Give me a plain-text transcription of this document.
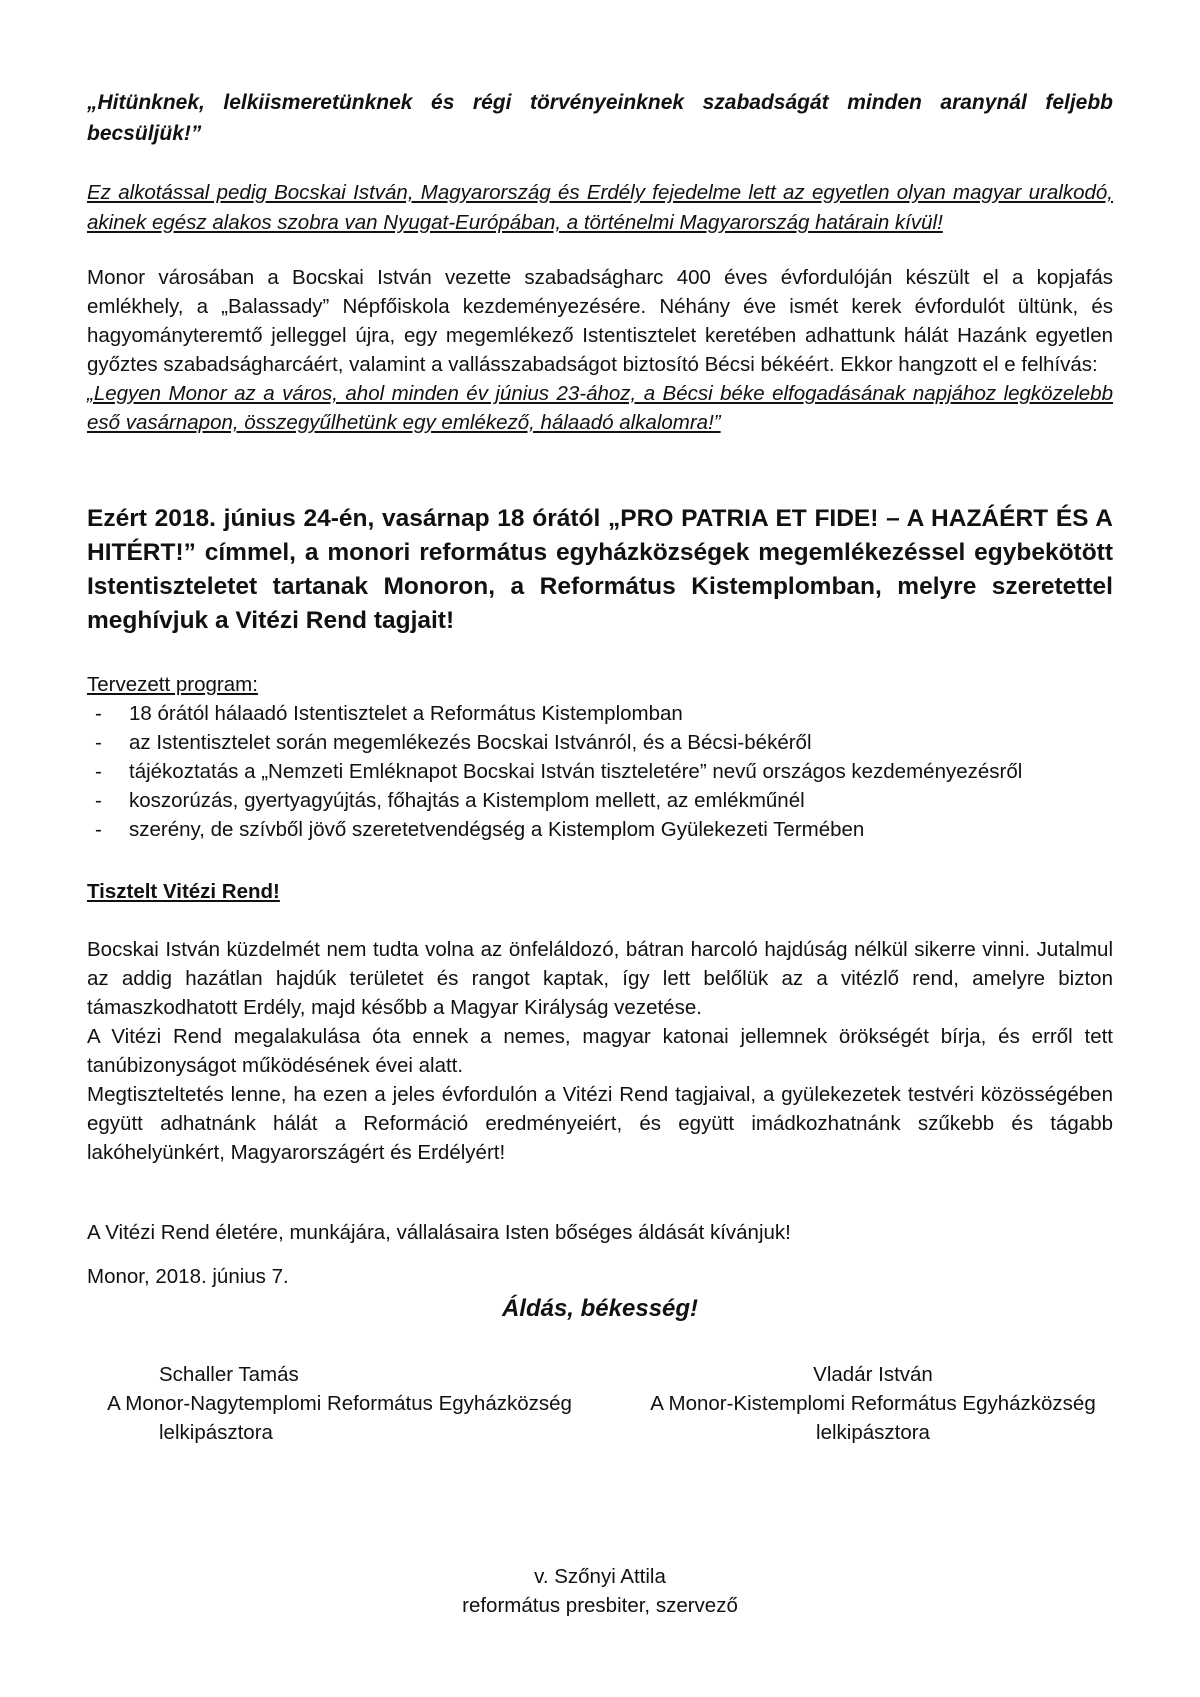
„Hitünknek, lelkiismeretünknek és régi törvényeinknek szabadságát minden aranynál feljebb becsüljük!”

Ez alkotással pedig Bocskai István, Magyarország és Erdély fejedelme lett az egyetlen olyan magyar uralkodó, akinek egész alakos szobra van Nyugat-Európában, a történelmi Magyarország határain kívül!

Monor városában a Bocskai István vezette szabadságharc 400 éves évfordulóján készült el a kopjafás emlékhely, a „Balassady” Népfőiskola kezdeményezésére. Néhány éve ismét kerek évfordulót ültünk, és hagyományteremtő jelleggel újra, egy megemlékező Istentisztelet keretében adhattunk hálát Hazánk egyetlen győztes szabadságharcáért, valamint a vallásszabadságot biztosító Bécsi békéért. Ekkor hangzott el e felhívás:

„Legyen Monor az a város, ahol minden év június 23-ához, a Bécsi béke elfogadásának napjához legközelebb eső vasárnapon, összegyűlhetünk egy emlékező, hálaadó alkalomra!”

Ezért 2018. június 24-én, vasárnap 18 órától „PRO PATRIA ET FIDE! – A HAZÁÉRT ÉS A HITÉRT!” címmel, a monori református egyházközségek megemlékezéssel egybekötött Istentiszteletet tartanak Monoron, a Református Kistemplomban, melyre szeretettel meghívjuk a Vitézi Rend tagjait!

Tervezett program:

- 18 órától hálaadó Istentisztelet a Református Kistemplomban
- az Istentisztelet során megemlékezés Bocskai Istvánról, és a Bécsi-békéről
- tájékoztatás a „Nemzeti Emléknapot Bocskai István tiszteletére” nevű országos kezdeményezésről
- koszorúzás, gyertyagyújtás, főhajtás a Kistemplom mellett, az emlékműnél
- szerény, de szívből jövő szeretetvendégség a Kistemplom Gyülekezeti Termében

Tisztelt Vitézi Rend!

Bocskai István küzdelmét nem tudta volna az önfeláldozó, bátran harcoló hajdúság nélkül sikerre vinni. Jutalmul az addig hazátlan hajdúk területet és rangot kaptak, így lett belőlük az a vitézlő rend, amelyre bizton támaszkodhatott Erdély, majd később a Magyar Királyság vezetése.

A Vitézi Rend megalakulása óta ennek a nemes, magyar katonai jellemnek örökségét bírja, és erről tett tanúbizonyságot működésének évei alatt.

Megtiszteltetés lenne, ha ezen a jeles évfordulón a Vitézi Rend tagjaival, a gyülekezetek testvéri közösségében együtt adhatnánk hálát a Reformáció eredményeiért, és együtt imádkozhatnánk szűkebb és tágabb lakóhelyünkért, Magyarországért és Erdélyért!

A Vitézi Rend életére, munkájára, vállalásaira Isten bőséges áldását kívánjuk!

Monor, 2018. június 7.

Áldás, békesség!
Schaller Tamás
A Monor-Nagytemplomi Református Egyházközség
lelkipásztora
Vladár István
A Monor-Kistemplomi Református Egyházközség
lelkipásztora
v. Szőnyi Attila
református presbiter, szervező
